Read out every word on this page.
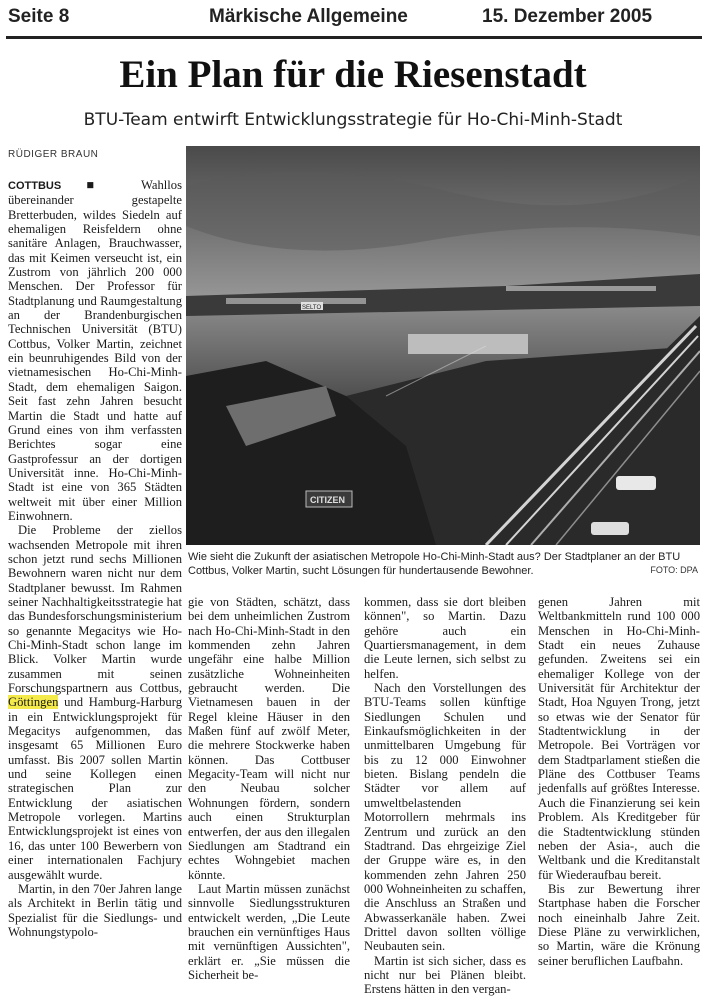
Seite 8	Märkische Allgemeine	15. Dezember 2005
Ein Plan für die Riesenstadt
BTU-Team entwirft Entwicklungsstrategie für Ho-Chi-Minh-Stadt
RÜDIGER BRAUN

COTTBUS ■ Wahllos übereinander gestapelte Bretterbuden, wildes Siedeln auf ehemaligen Reisfeldern ohne sanitäre Anlagen, Brauchwasser, das mit Keimen verseucht ist, ein Zustrom von jährlich 200 000 Menschen. Der Professor für Stadtplanung und Raumgestaltung an der Brandenburgischen Technischen Universität (BTU) Cottbus, Volker Martin, zeichnet ein beunruhigendes Bild von der vietnamesischen Ho-Chi-Minh-Stadt, dem ehemaligen Saigon. Seit fast zehn Jahren besucht Martin die Stadt und hatte auf Grund eines von ihm verfassten Berichtes sogar eine Gastprofessur an der dortigen Universität inne. Ho-Chi-Minh-Stadt ist eine von 365 Städten weltweit mit über einer Million Einwohnern.

Die Probleme der ziellos wachsenden Metropole mit ihren schon jetzt rund sechs Millionen Bewohnern waren nicht nur dem Stadtplaner bewusst. Im Rahmen seiner Nachhaltigkeitsstrategie hat das Bundesforschungsministerium so genannte Megacitys wie Ho-Chi-Minh-Stadt schon lange im Blick. Volker Martin wurde zusammen mit seinen Forschungspartnern aus Cottbus, Göttingen und Hamburg-Harburg in ein Entwicklungsprojekt für Megacitys aufgenommen, das insgesamt 65 Millionen Euro umfasst. Bis 2007 sollen Martin und seine Kollegen einen strategischen Plan zur Entwicklung der asiatischen Metropole vorlegen. Martins Entwicklungsprojekt ist eines von 16, das unter 100 Bewerbern von einer internationalen Fachjury ausgewählt wurde.

Martin, in den 70er Jahren lange als Architekt in Berlin tätig und Spezialist für die Siedlungs- und Wohnungstypolo-

SELTO
CITIZEN
Wie sieht die Zukunft der asiatischen Metropole Ho-Chi-Minh-Stadt aus? Der Stadtplaner an der BTU Cottbus, Volker Martin, sucht Lösungen für hundertausende Bewohner.	FOTO: DPA

gie von Städten, schätzt, dass bei dem unheimlichen Zustrom nach Ho-Chi-Minh-Stadt in den kommenden zehn Jahren ungefähr eine halbe Million zusätzliche Wohneinheiten gebraucht werden. Die Vietnamesen bauen in der Regel kleine Häuser in den Maßen fünf auf zwölf Meter, die mehrere Stockwerke haben können. Das Cottbuser Megacity-Team will nicht nur den Neubau solcher Wohnungen fördern, sondern auch einen Strukturplan entwerfen, der aus den illegalen Siedlungen am Stadtrand ein echtes Wohngebiet machen könnte.

Laut Martin müssen zunächst sinnvolle Siedlungsstrukturen entwickelt werden, „Die Leute brauchen ein vernünftiges Haus mit vernünftigen Aussichten", erklärt er. „Sie müssen die Sicherheit be-

kommen, dass sie dort bleiben können", so Martin. Dazu gehöre auch ein Quartiersmanagement, in dem die Leute lernen, sich selbst zu helfen.

Nach den Vorstellungen des BTU-Teams sollen künftige Siedlungen Schulen und Einkaufsmöglichkeiten in der unmittelbaren Umgebung für bis zu 12 000 Einwohner bieten. Bislang pendeln die Städter vor allem auf umweltbelastenden Motorrollern mehrmals ins Zentrum und zurück an den Stadtrand. Das ehrgeizige Ziel der Gruppe wäre es, in den kommenden zehn Jahren 250 000 Wohneinheiten zu schaffen, die Anschluss an Straßen und Abwasserkanäle haben. Zwei Drittel davon sollten völlige Neubauten sein.

Martin ist sich sicher, dass es nicht nur bei Plänen bleibt. Erstens hätten in den vergan-

genen Jahren mit Weltbankmitteln rund 100 000 Menschen in Ho-Chi-Minh-Stadt ein neues Zuhause gefunden. Zweitens sei ein ehemaliger Kollege von der Universität für Architektur der Stadt, Hoa Nguyen Trong, jetzt so etwas wie der Senator für Stadtentwicklung in der Metropole. Bei Vorträgen vor dem Stadtparlament stießen die Pläne des Cottbuser Teams jedenfalls auf größtes Interesse. Auch die Finanzierung sei kein Problem. Als Kreditgeber für die Stadtentwicklung stünden neben der Asia-, auch die Weltbank und die Kreditanstalt für Wiederaufbau bereit.

Bis zur Bewertung ihrer Startphase haben die Forscher noch eineinhalb Jahre Zeit. Diese Pläne zu verwirklichen, so Martin, wäre die Krönung seiner beruflichen Laufbahn.
